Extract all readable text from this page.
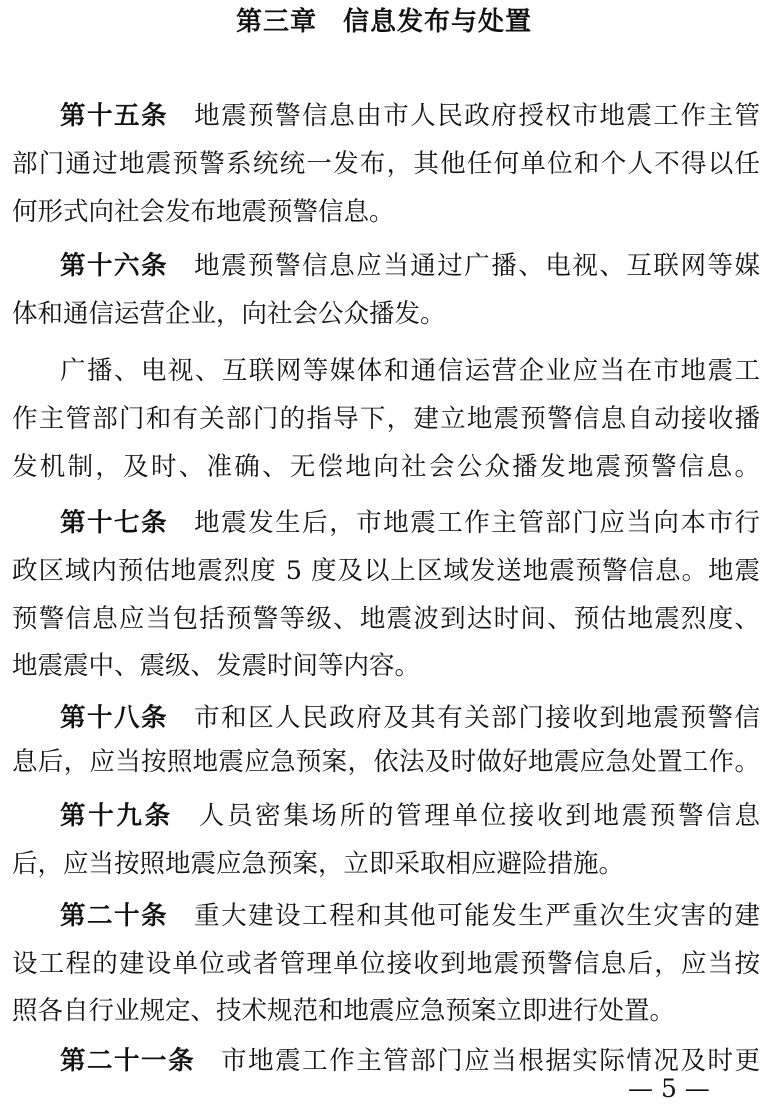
第三章 信息发布与处置
第十五条 地震预警信息由市人民政府授权市地震工作主管
部门通过地震预警系统统一发布，其他任何单位和个人不得以任
何形式向社会发布地震预警信息。
第十六条 地震预警信息应当通过广播、电视、互联网等媒
体和通信运营企业，向社会公众播发。
广播、电视、互联网等媒体和通信运营企业应当在市地震工
作主管部门和有关部门的指导下，建立地震预警信息自动接收播
发机制，及时、准确、无偿地向社会公众播发地震预警信息。
第十七条 地震发生后，市地震工作主管部门应当向本市行
政区域内预估地震烈度 5 度及以上区域发送地震预警信息。地震
预警信息应当包括预警等级、地震波到达时间、预估地震烈度、
地震震中、震级、发震时间等内容。
第十八条 市和区人民政府及其有关部门接收到地震预警信
息后，应当按照地震应急预案，依法及时做好地震应急处置工作。
第十九条 人员密集场所的管理单位接收到地震预警信息
后，应当按照地震应急预案，立即采取相应避险措施。
第二十条 重大建设工程和其他可能发生严重次生灾害的建
设工程的建设单位或者管理单位接收到地震预警信息后，应当按
照各自行业规定、技术规范和地震应急预案立即进行处置。
第二十一条 市地震工作主管部门应当根据实际情况及时更
— 5 —
